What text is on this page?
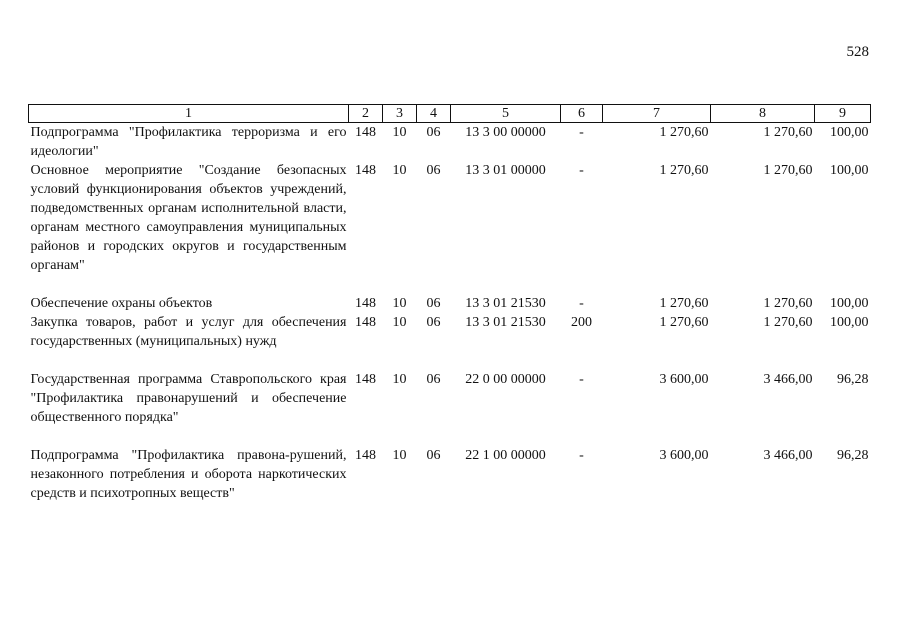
528
1	2	3	4	5	6	7	8	9
Подпрограмма "Профилактика терроризма и его идеологии"	148	10	06	13 3 00 00000	-	1 270,60	1 270,60	100,00
Основное мероприятие "Создание безопасных условий функционирования объектов учреждений, подведомственных органам исполнительной власти, органам местного самоуправления муниципальных районов и городских округов и государственным органам"	148	10	06	13 3 01 00000	-	1 270,60	1 270,60	100,00

Обеспечение охраны объектов	148	10	06	13 3 01 21530	-	1 270,60	1 270,60	100,00
Закупка товаров, работ и услуг для обеспечения государственных (муниципальных) нужд	148	10	06	13 3 01 21530	200	1 270,60	1 270,60	100,00

Государственная программа Ставропольского края "Профилактика правонарушений и обеспечение общественного порядка"	148	10	06	22 0 00 00000	-	3 600,00	3 466,00	96,28

Подпрограмма "Профилактика правона-рушений, незаконного потребления и оборота наркотических средств и психотропных веществ"	148	10	06	22 1 00 00000	-	3 600,00	3 466,00	96,28
